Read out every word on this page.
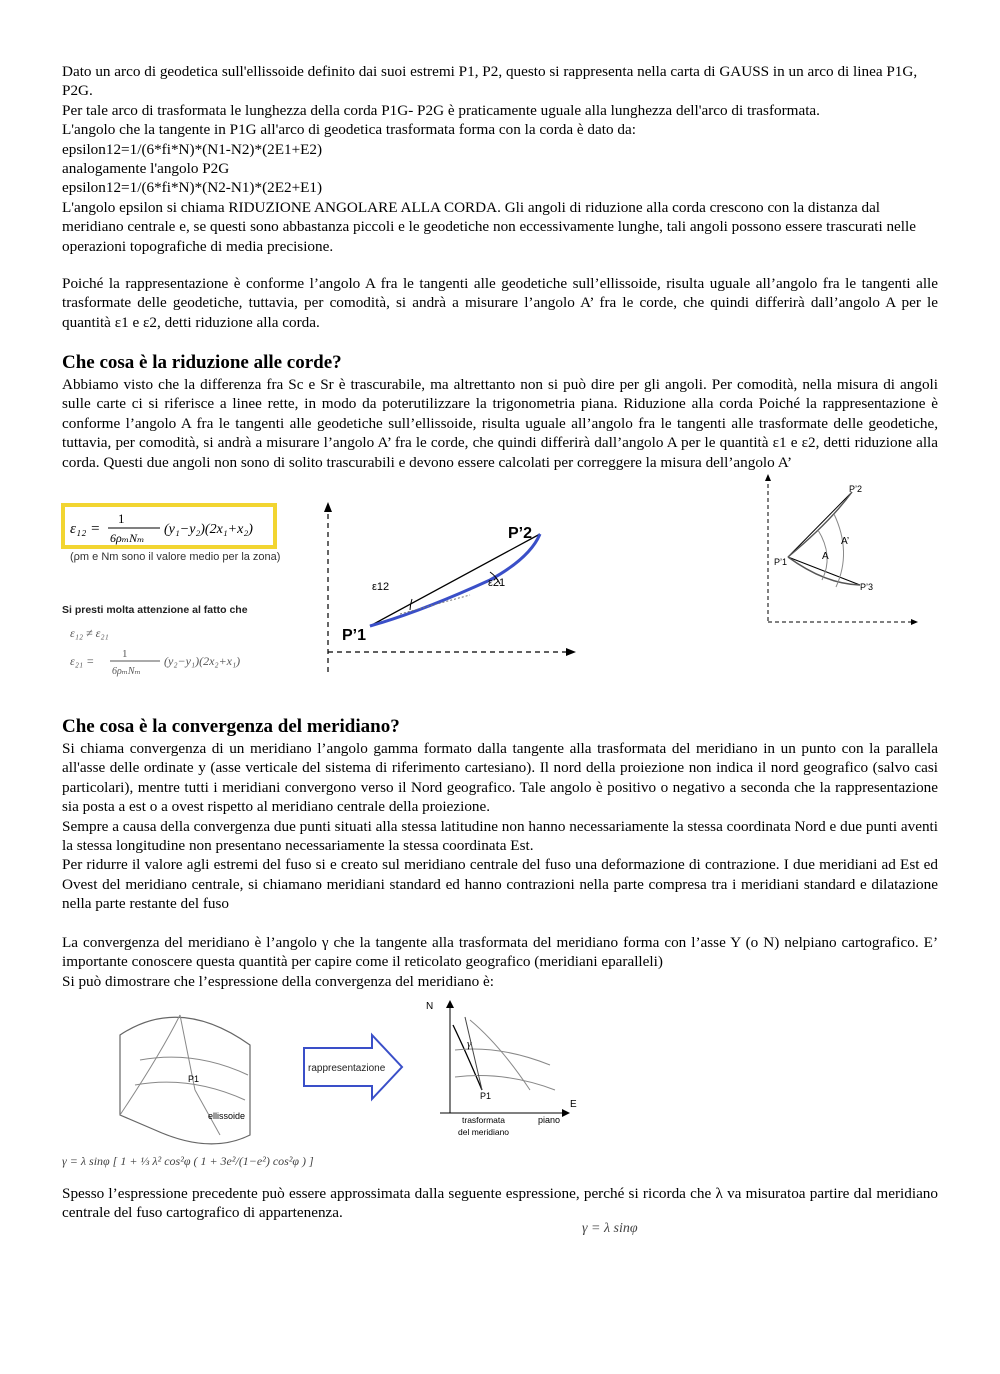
Dato un arco di geodetica sull'ellissoide definito dai suoi estremi P1, P2, questo si rappresenta nella carta di GAUSS in un arco di linea P1G, P2G.

Per tale arco di trasformata le lunghezza della corda P1G- P2G è praticamente uguale alla lunghezza dell'arco di trasformata.

L'angolo che la tangente in P1G all'arco di geodetica trasformata forma con la corda è dato da:

epsilon12=1/(6*fi*N)*(N1-N2)*(2E1+E2)

analogamente l'angolo P2G

epsilon12=1/(6*fi*N)*(N2-N1)*(2E2+E1)

L'angolo epsilon si chiama RIDUZIONE ANGOLARE ALLA CORDA. Gli angoli di riduzione alla corda crescono con la distanza dal meridiano centrale e, se questi sono abbastanza piccoli e le geodetiche non eccessivamente lunghe, tali angoli possono essere trascurati nelle operazioni topografiche di media precisione.

Poiché la rappresentazione è conforme l’angolo A fra le tangenti alle geodetiche sull’ellissoide, risulta uguale all’angolo fra le tangenti alle trasformate delle geodetiche, tuttavia, per comodità, si andrà a misurare l’angolo A’ fra le corde, che quindi differirà dall’angolo A per le quantità ε1 e ε2, detti riduzione alla corda.
Che cosa è la riduzione alle corde?
Abbiamo visto che la differenza fra Sc e Sr è trascurabile, ma altrettanto non si può dire per gli angoli. Per comodità, nella misura di angoli sulle carte ci si riferisce a linee rette, in modo da poterutilizzare la trigonometria piana. Riduzione alla corda Poiché la rappresentazione è conforme l’angolo A fra le tangenti alle geodetiche sull’ellissoide, risulta uguale all’angolo fra le tangenti alle trasformate delle geodetiche, tuttavia, per comodità, si andrà a misurare l’angolo A’ fra le corde, che quindi differirà dall’angolo A per le quantità ε1 e ε2, detti riduzione alla corda. Questi due angoli non sono di solito trascurabili e devono essere calcolati per correggere la misura dell’angolo A’
ε₁₂ =
1
6ρₘNₘ
(y₁−y₂)(2x₁+x₂)
(ρm e Nm sono il valore medio per la zona)
Si presti molta attenzione al fatto che
ε₁₂ ≠ ε₂₁
ε₂₁ =	1
6ρₘNₘ
(y₂−y₁)(2x₂+x₁)
ε12	ε21
P’1
P’2
P’2
P’1
P’3
A
A’
Che cosa è la convergenza del meridiano?

Si chiama convergenza di un meridiano l’angolo gamma formato dalla tangente alla trasformata del meridiano in un punto con la parallela all'asse delle ordinate y (asse verticale del sistema di riferimento cartesiano). Il nord della proiezione non indica il nord geografico (salvo casi particolari), mentre tutti i meridiani convergono verso il Nord geografico. Tale angolo è positivo o negativo a seconda che la rappresentazione sia posta a est o a ovest rispetto al meridiano centrale della proiezione.

Sempre a causa della convergenza due punti situati alla stessa latitudine non hanno necessariamente la stessa coordinata Nord e due punti aventi la stessa longitudine non presentano necessariamente la stessa coordinata Est.

Per ridurre il valore agli estremi del fuso si e creato sul meridiano centrale del fuso una deformazione di contrazione. I due meridiani ad Est ed Ovest del meridiano centrale, si chiamano meridiani standard ed hanno contrazioni nella parte compresa tra i meridiani standard e dilatazione nella parte restante del fuso

La convergenza del meridiano è l’angolo γ che la tangente alla trasformata del meridiano forma con l’asse Y (o N) nelpiano cartografico. E’ importante conoscere questa quantità per capire come il reticolato geografico (meridiani eparalleli)

Si può dimostrare che l’espressione della convergenza del meridiano è:

P1
ellissoide
rappresentazione
N
E
γ
P1
trasformata
del meridiano
piano
γ = λ sinφ [ 1 + ⅓ λ² cos²φ ( 1 + 3e²/(1−e²) cos²φ ) ]
Spesso l’espressione precedente può essere approssimata dalla seguente espressione, perché si ricorda che λ va misuratoa partire dal meridiano centrale del fuso cartografico di appartenenza.
γ = λ sinφ
